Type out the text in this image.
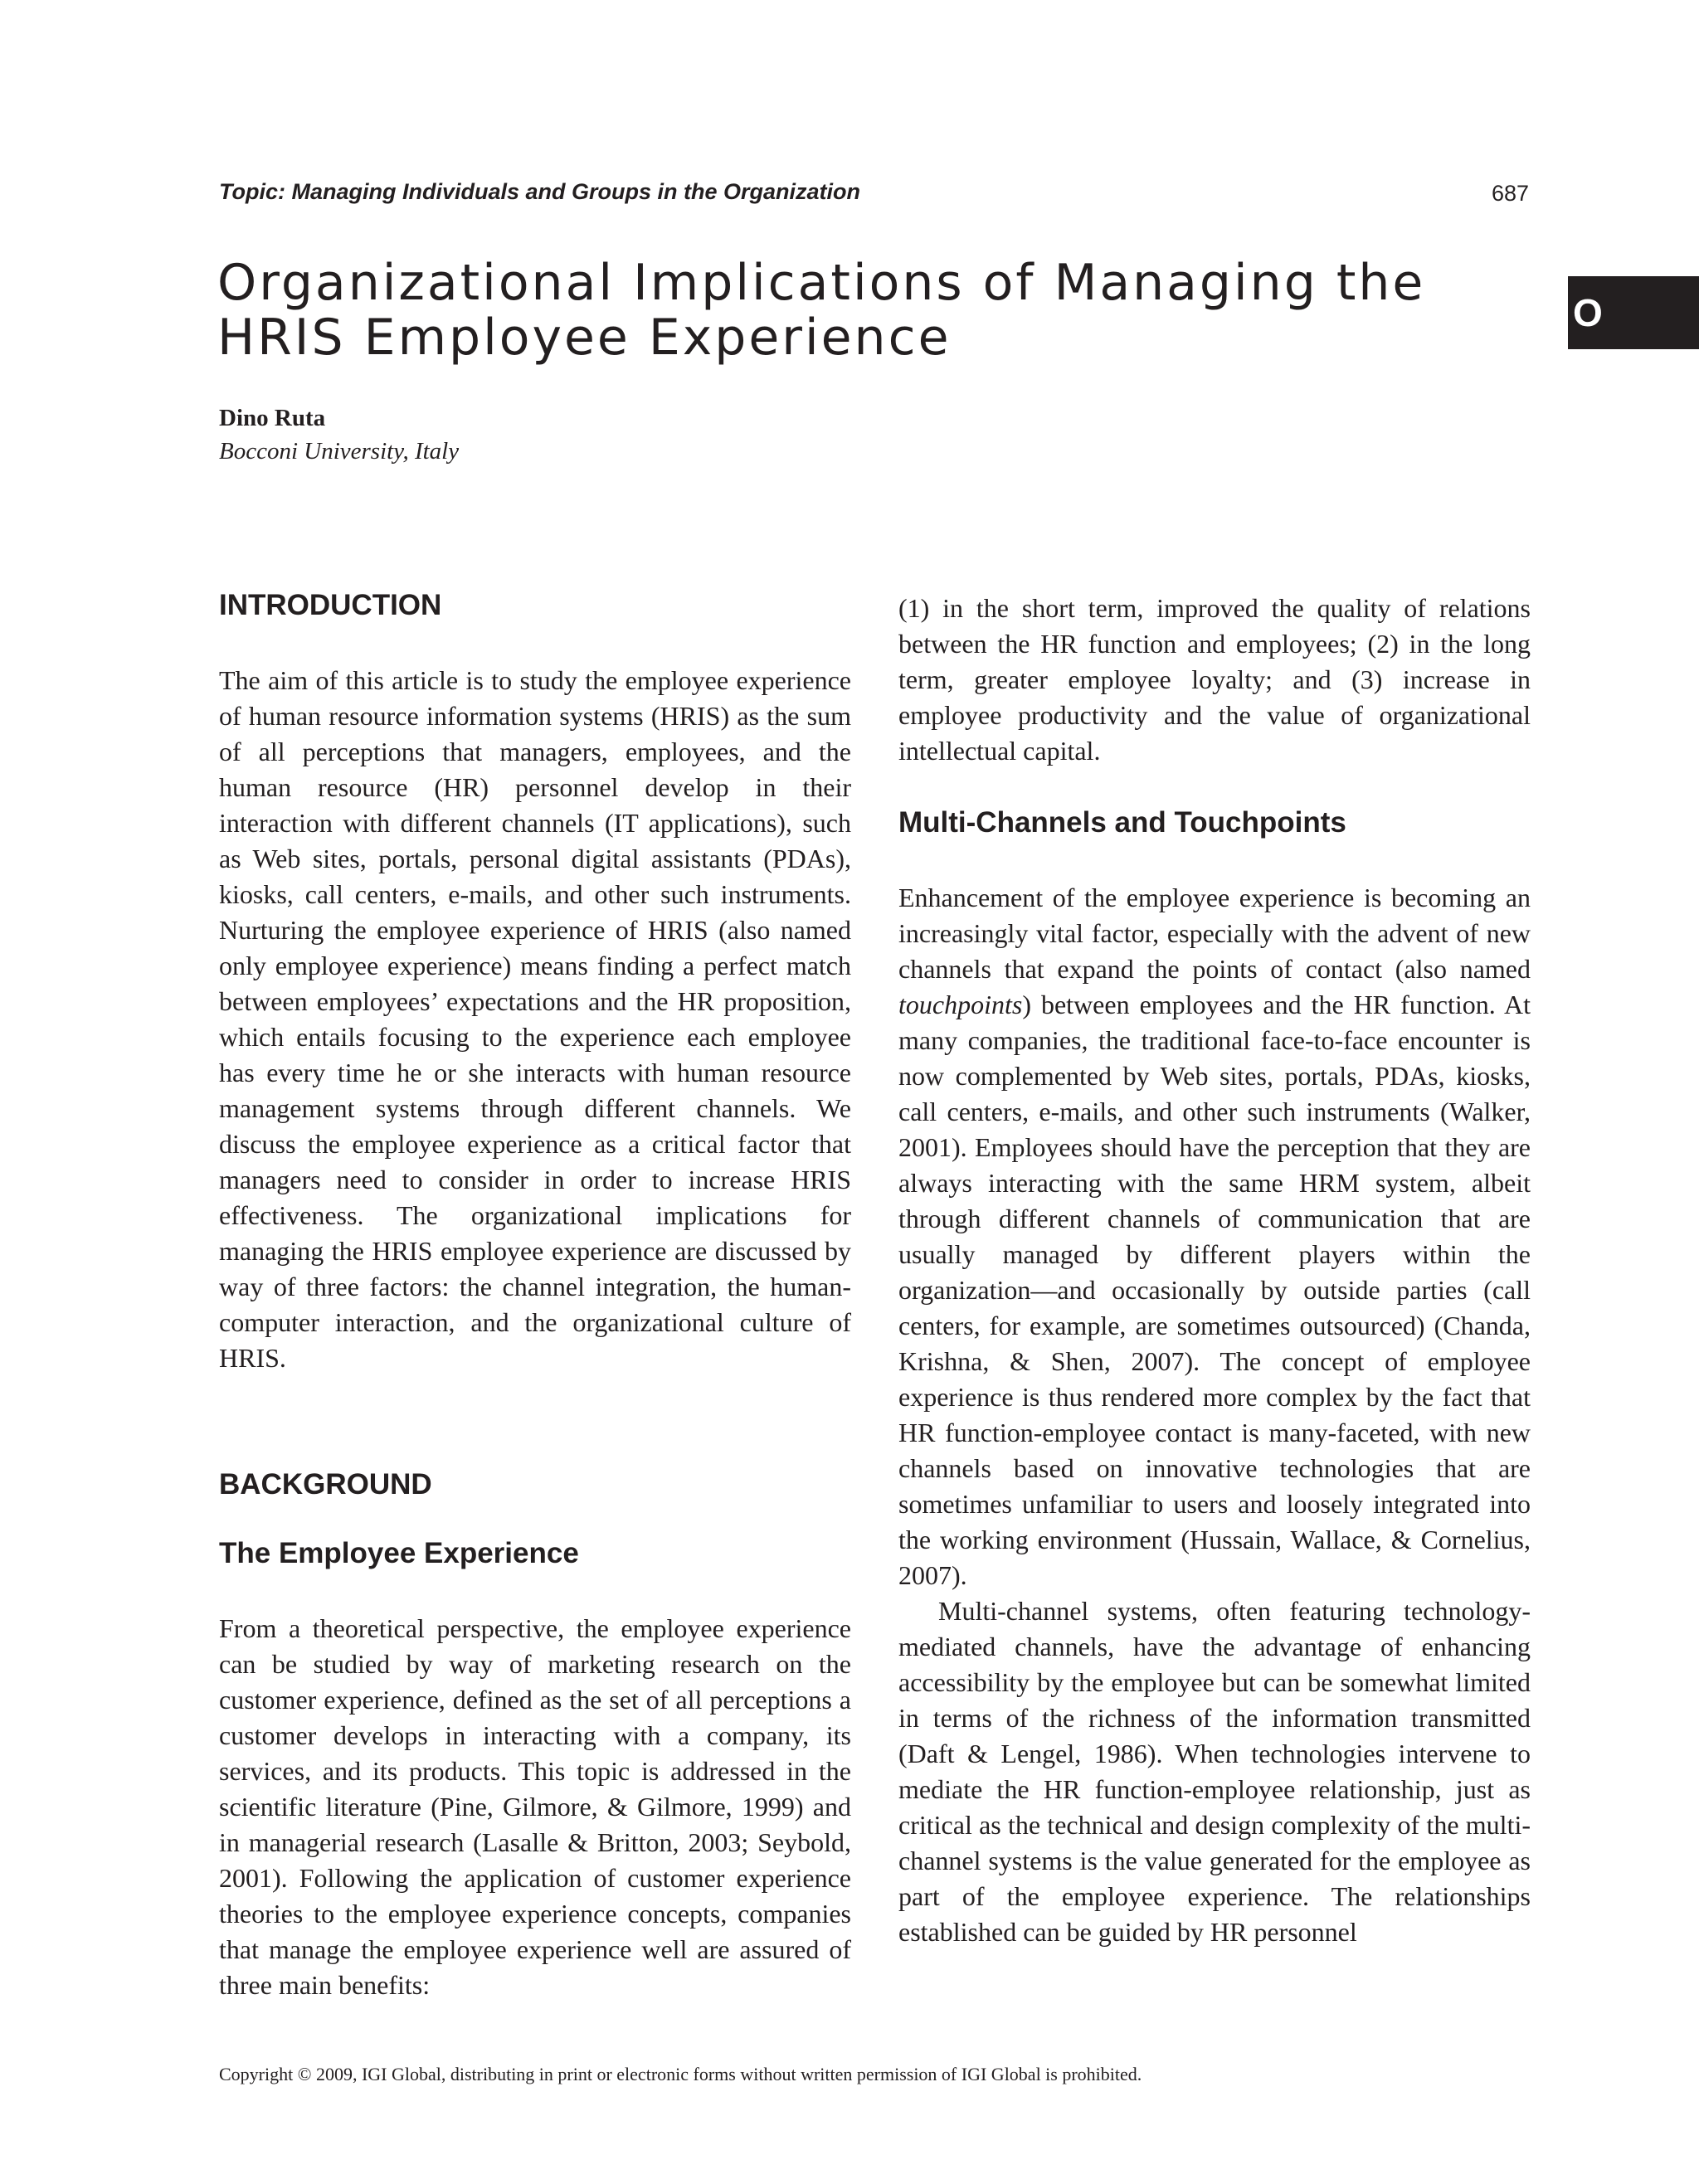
Topic: Managing Individuals and Groups in the Organization	687
Organizational Implications of Managing the
HRIS Employee Experience	O
Dino Ruta
Bocconi University, Italy
INTRODUCTION

The aim of this article is to study the employee experience of human resource information systems (HRIS) as the sum of all perceptions that managers, employees, and the human resource (HR) personnel develop in their interaction with different channels (IT applications), such as Web sites, portals, personal digital assistants (PDAs), kiosks, call centers, e-mails, and other such instruments. Nurturing the employee experience of HRIS (also named only employee experience) means finding a perfect match between employees’ expectations and the HR proposition, which entails focusing to the experience each employee has every time he or she interacts with human resource management systems through different channels. We discuss the employee experience as a critical factor that managers need to consider in order to increase HRIS effectiveness. The organizational implications for managing the HRIS employee experience are discussed by way of three factors: the channel integration, the human-computer interaction, and the organizational culture of HRIS.

BACKGROUND
The Employee Experience

From a theoretical perspective, the employee experience can be studied by way of marketing research on the customer experience, defined as the set of all perceptions a customer develops in interacting with a company, its services, and its products. This topic is addressed in the scientific literature (Pine, Gilmore, & Gilmore, 1999) and in managerial research (Lasalle & Britton, 2003; Seybold, 2001). Following the application of customer experience theories to the employee experience concepts, companies that manage the employee experience well are assured of three main benefits:

(1) in the short term, improved the quality of relations between the HR function and employees; (2) in the long term, greater employee loyalty; and (3) increase in employee productivity and the value of organizational intellectual capital.

Multi-Channels and Touchpoints

Enhancement of the employee experience is becoming an increasingly vital factor, especially with the advent of new channels that expand the points of contact (also named touchpoints) between employees and the HR function. At many companies, the traditional face-to-face encounter is now complemented by Web sites, portals, PDAs, kiosks, call centers, e-mails, and other such instruments (Walker, 2001). Employees should have the perception that they are always interacting with the same HRM system, albeit through different channels of communication that are usually managed by different players within the organization—and occasionally by outside parties (call centers, for example, are sometimes outsourced) (Chanda, Krishna, & Shen, 2007). The concept of employee experience is thus rendered more complex by the fact that HR function-employee contact is many-faceted, with new channels based on innovative technologies that are sometimes unfamiliar to users and loosely integrated into the working environment (Hussain, Wallace, & Cornelius, 2007).

Multi-channel systems, often featuring technology-mediated channels, have the advantage of enhancing accessibility by the employee but can be somewhat limited in terms of the richness of the information transmitted (Daft & Lengel, 1986). When technologies intervene to mediate the HR function-employee relationship, just as critical as the technical and design complexity of the multi-channel systems is the value generated for the employee as part of the employee experience. The relationships established can be guided by HR personnel

Copyright © 2009, IGI Global, distributing in print or electronic forms without written permission of IGI Global is prohibited.
